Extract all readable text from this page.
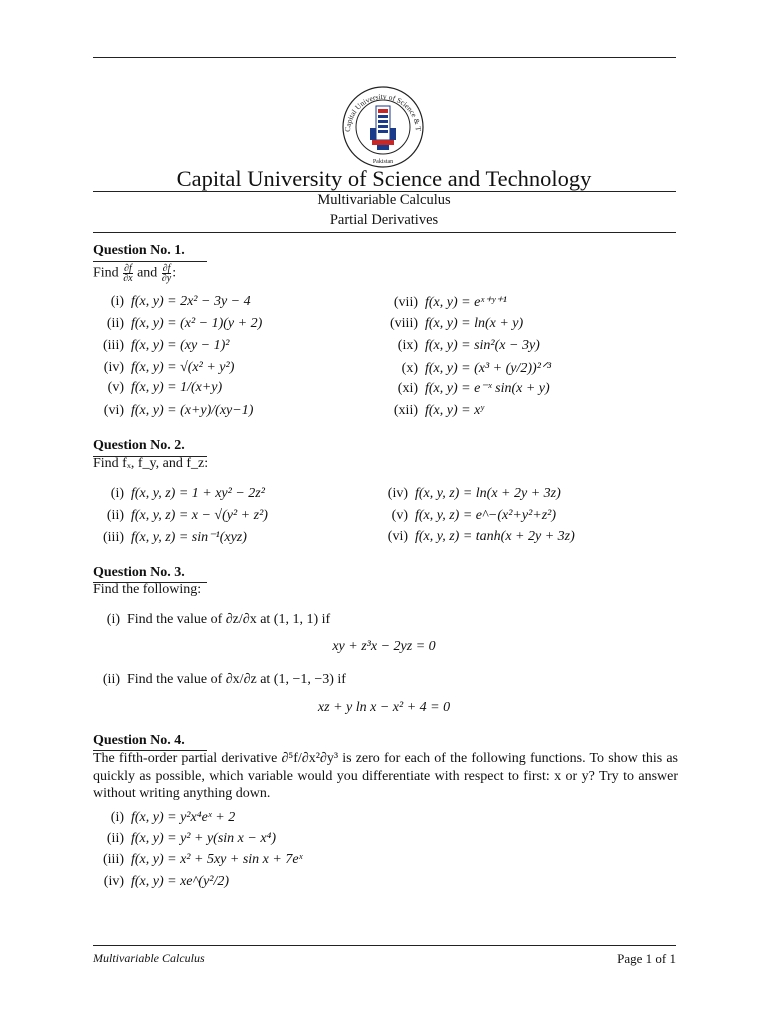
Capital University of Science & T
Pakistan
Capital University of Science and Technology
Multivariable Calculus
Partial Derivatives
Question No. 1.
Find $\frac{\partial f}{\partial x}$ and $\frac{\partial f}{\partial y}$ :
(i) f(x, y) = 2x² − 3y − 4
(ii) f(x, y) = (x² − 1)(y + 2)
(iii) f(x, y) = (xy − 1)²
(iv) f(x, y) = √(x² + y²)
(v) f(x, y) = 1/(x+y)
(vi) f(x, y) = (x+y)/(xy−1)
(vii) f(x, y) = eˣ⁺ʸ⁺¹
(viii) f(x, y) = ln(x + y)
(ix) f(x, y) = sin²(x − 3y)
(x) f(x, y) = (x³ + (y/2))²ᐟ³
(xi) f(x, y) = e⁻ˣ sin(x + y)
(xii) f(x, y) = xʸ
Question No. 2.
Find fₓ, f_y, and f_z:
(i) f(x, y, z) = 1 + xy² − 2z²
(ii) f(x, y, z) = x − √(y² + z²)
(iii) f(x, y, z) = sin⁻¹(xyz)
(iv) f(x, y, z) = ln(x + 2y + 3z)
(v) f(x, y, z) = e^−(x²+y²+z²)
(vi) f(x, y, z) = tanh(x + 2y + 3z)
Question No. 3.
Find the following:
(i) Find the value of ∂z/∂x at (1, 1, 1) if
xy + z³x − 2yz = 0
(ii) Find the value of ∂x/∂z at (1, −1, −3) if
xz + y ln x − x² + 4 = 0
Question No. 4.
The fifth-order partial derivative ∂⁵f/∂x²∂y³ is zero for each of the following functions. To show this as quickly as possible, which variable would you differentiate with respect to first: x or y? Try to answer without writing anything down.
(i) f(x, y) = y²x⁴eˣ + 2
(ii) f(x, y) = y² + y(sin x − x⁴)
(iii) f(x, y) = x² + 5xy + sin x + 7eˣ
(iv) f(x, y) = xe^(y²/2)
Multivariable Calculus	Page 1 of 1
